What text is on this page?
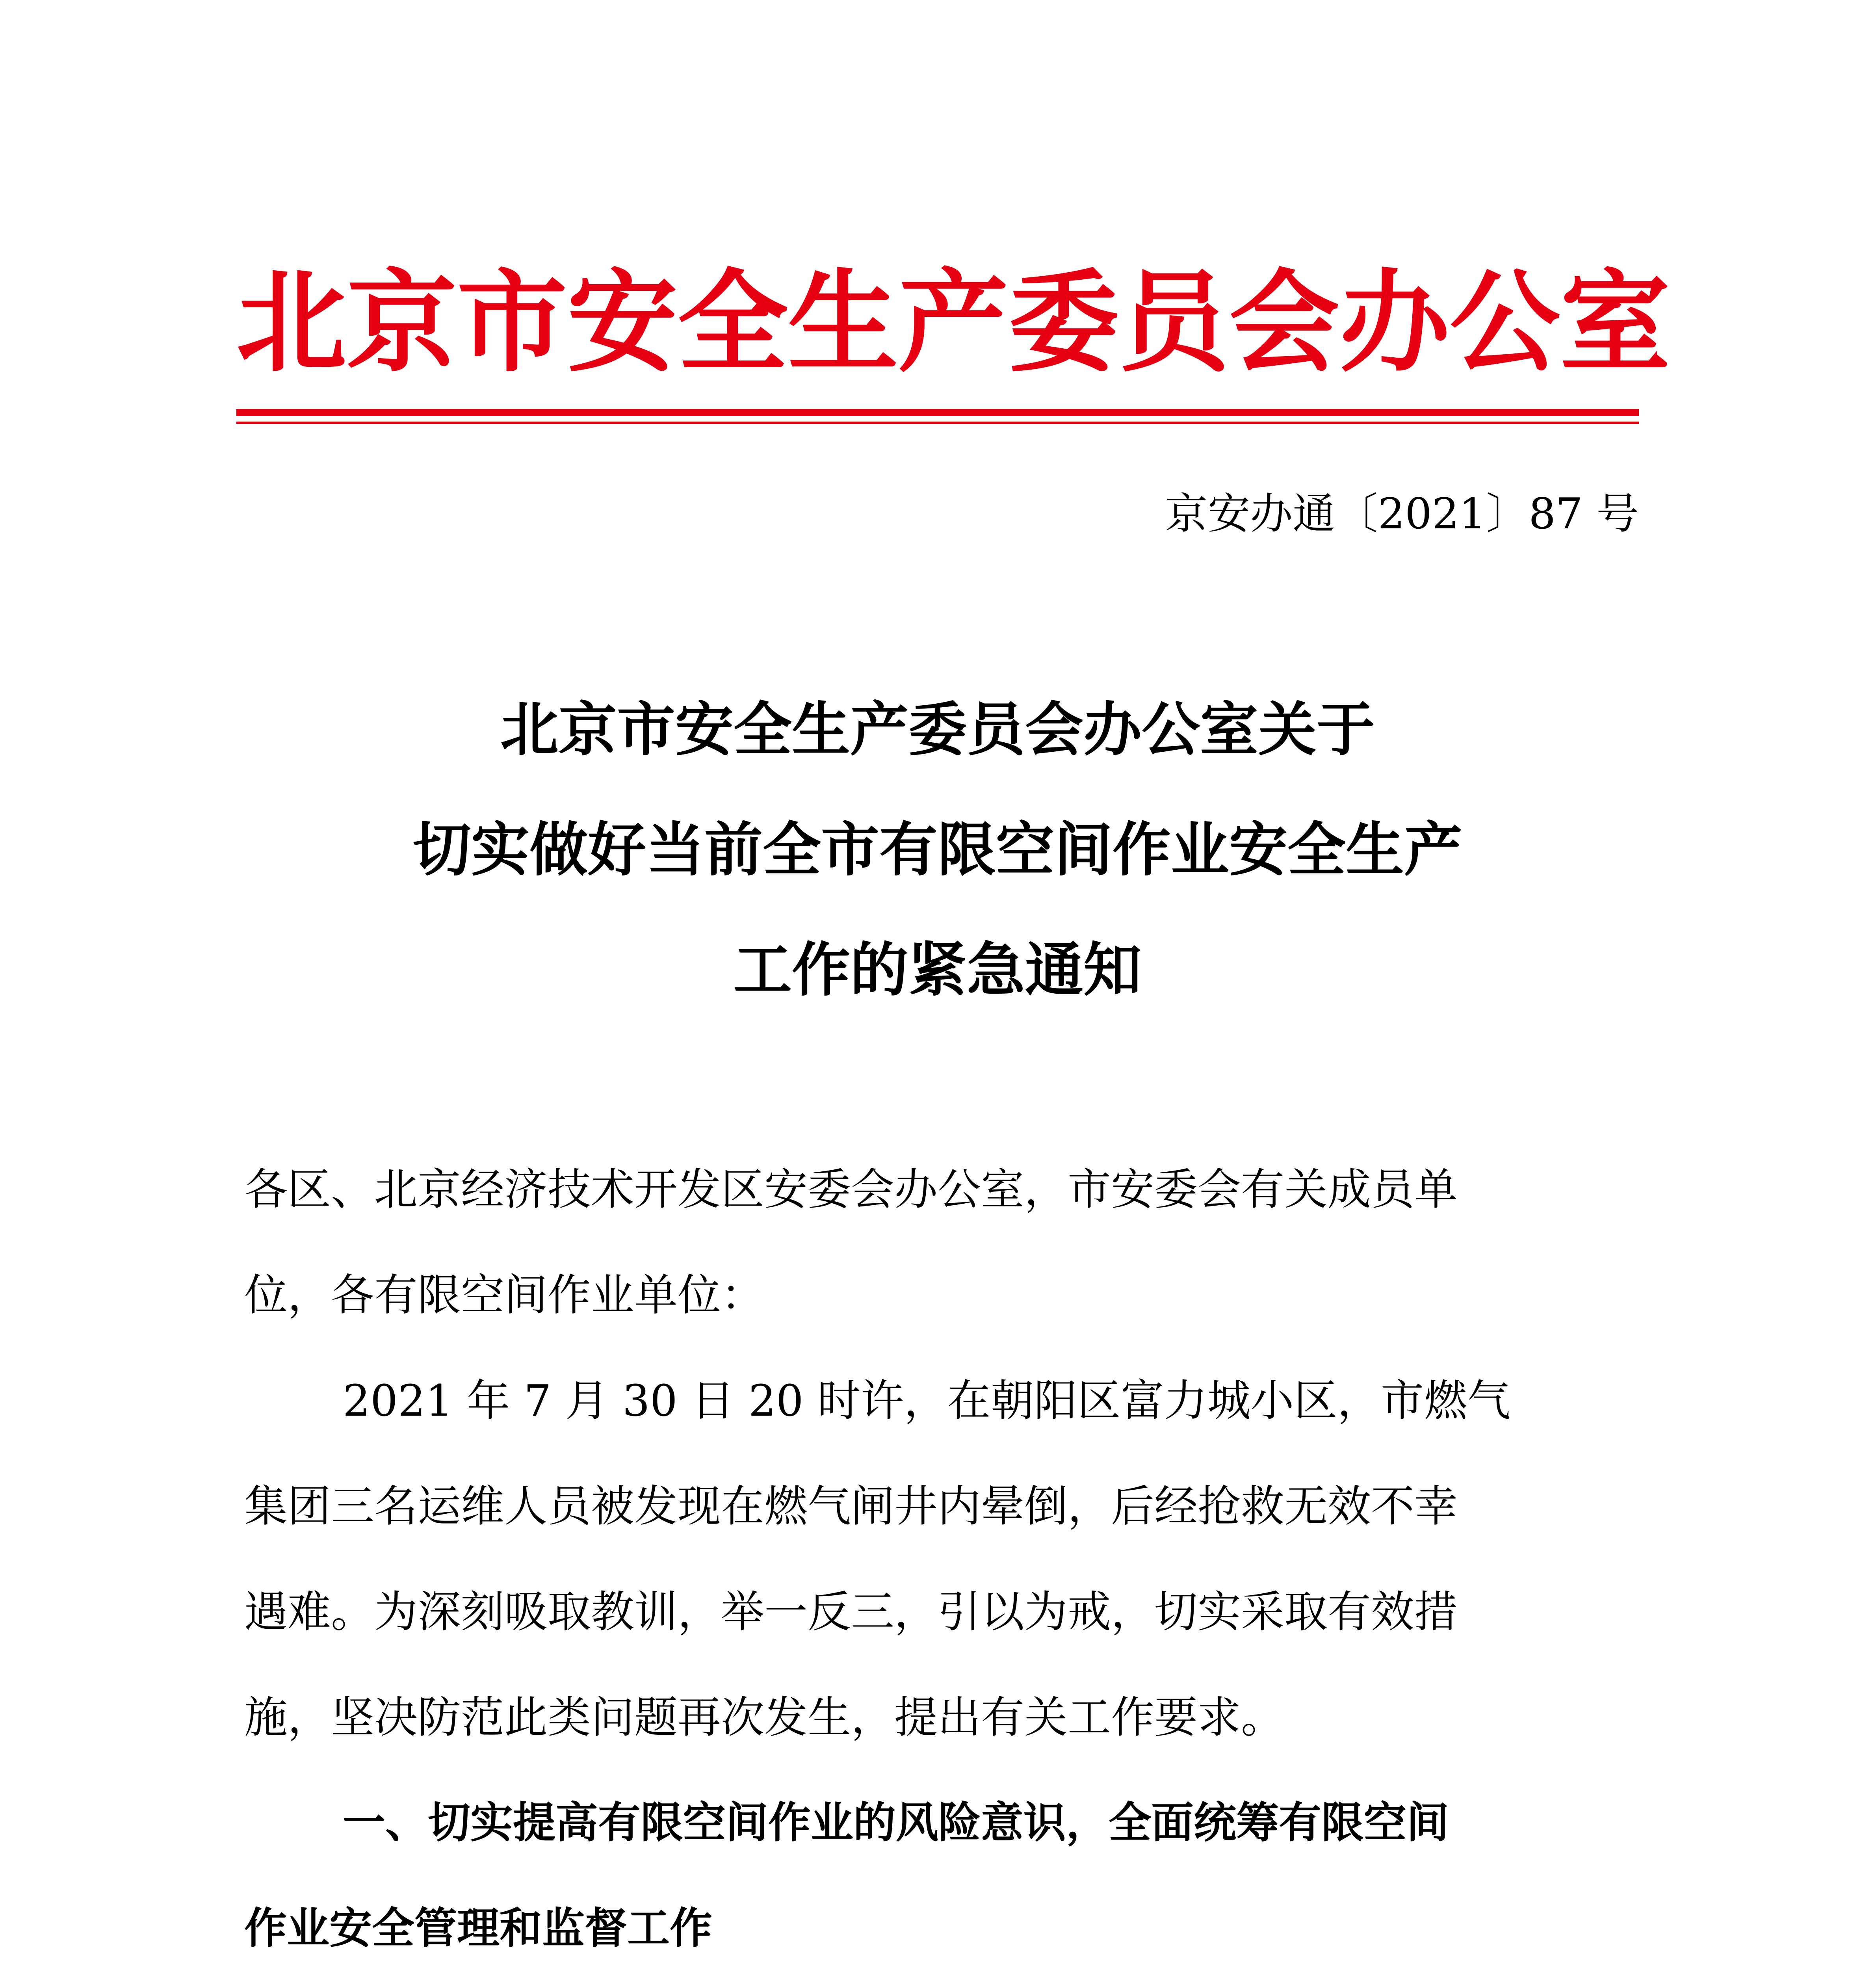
北京市安全生产委员会办公室
京安办通〔2021〕87 号
北京市安全生产委员会办公室关于
切实做好当前全市有限空间作业安全生产
工作的紧急通知
各区、北京经济技术开发区安委会办公室，市安委会有关成员单
位，各有限空间作业单位：
2021 年 7 月 30 日 20 时许，在朝阳区富力城小区，市燃气
集团三名运维人员被发现在燃气闸井内晕倒，后经抢救无效不幸
遇难。为深刻吸取教训，举一反三，引以为戒，切实采取有效措
施，坚决防范此类问题再次发生，提出有关工作要求。
一、切实提高有限空间作业的风险意识，全面统筹有限空间
作业安全管理和监督工作
